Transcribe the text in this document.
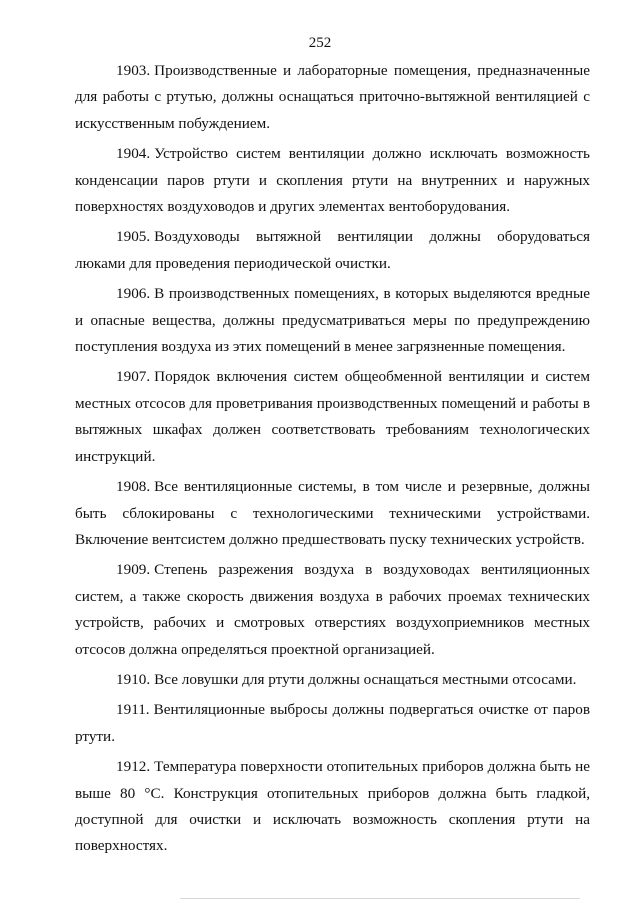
252

1903. Производственные и лабораторные помещения, предназначенные для работы с ртутью, должны оснащаться приточно-вытяжной вентиляцией с искусственным побуждением.

1904. Устройство систем вентиляции должно исключать возможность конденсации паров ртути и скопления ртути на внутренних и наружных поверхностях воздуховодов и других элементах вентоборудования.

1905. Воздуховоды вытяжной вентиляции должны оборудоваться люками для проведения периодической очистки.

1906. В производственных помещениях, в которых выделяются вредные и опасные вещества, должны предусматриваться меры по предупреждению поступления воздуха из этих помещений в менее загрязненные помещения.

1907. Порядок включения систем общеобменной вентиляции и систем местных отсосов для проветривания производственных помещений и работы в вытяжных шкафах должен соответствовать требованиям технологических инструкций.

1908. Все вентиляционные системы, в том числе и резервные, должны быть сблокированы с технологическими техническими устройствами. Включение вентсистем должно предшествовать пуску технических устройств.

1909. Степень разрежения воздуха в воздуховодах вентиляционных систем, а также скорость движения воздуха в рабочих проемах технических устройств, рабочих и смотровых отверстиях воздухоприемников местных отсосов должна определяться проектной организацией.

1910. Все ловушки для ртути должны оснащаться местными отсосами.

1911. Вентиляционные выбросы должны подвергаться очистке от паров ртути.

1912. Температура поверхности отопительных приборов должна быть не выше 80 °С. Конструкция отопительных приборов должна быть гладкой, доступной для очистки и исключать возможность скопления ртути на поверхностях.
